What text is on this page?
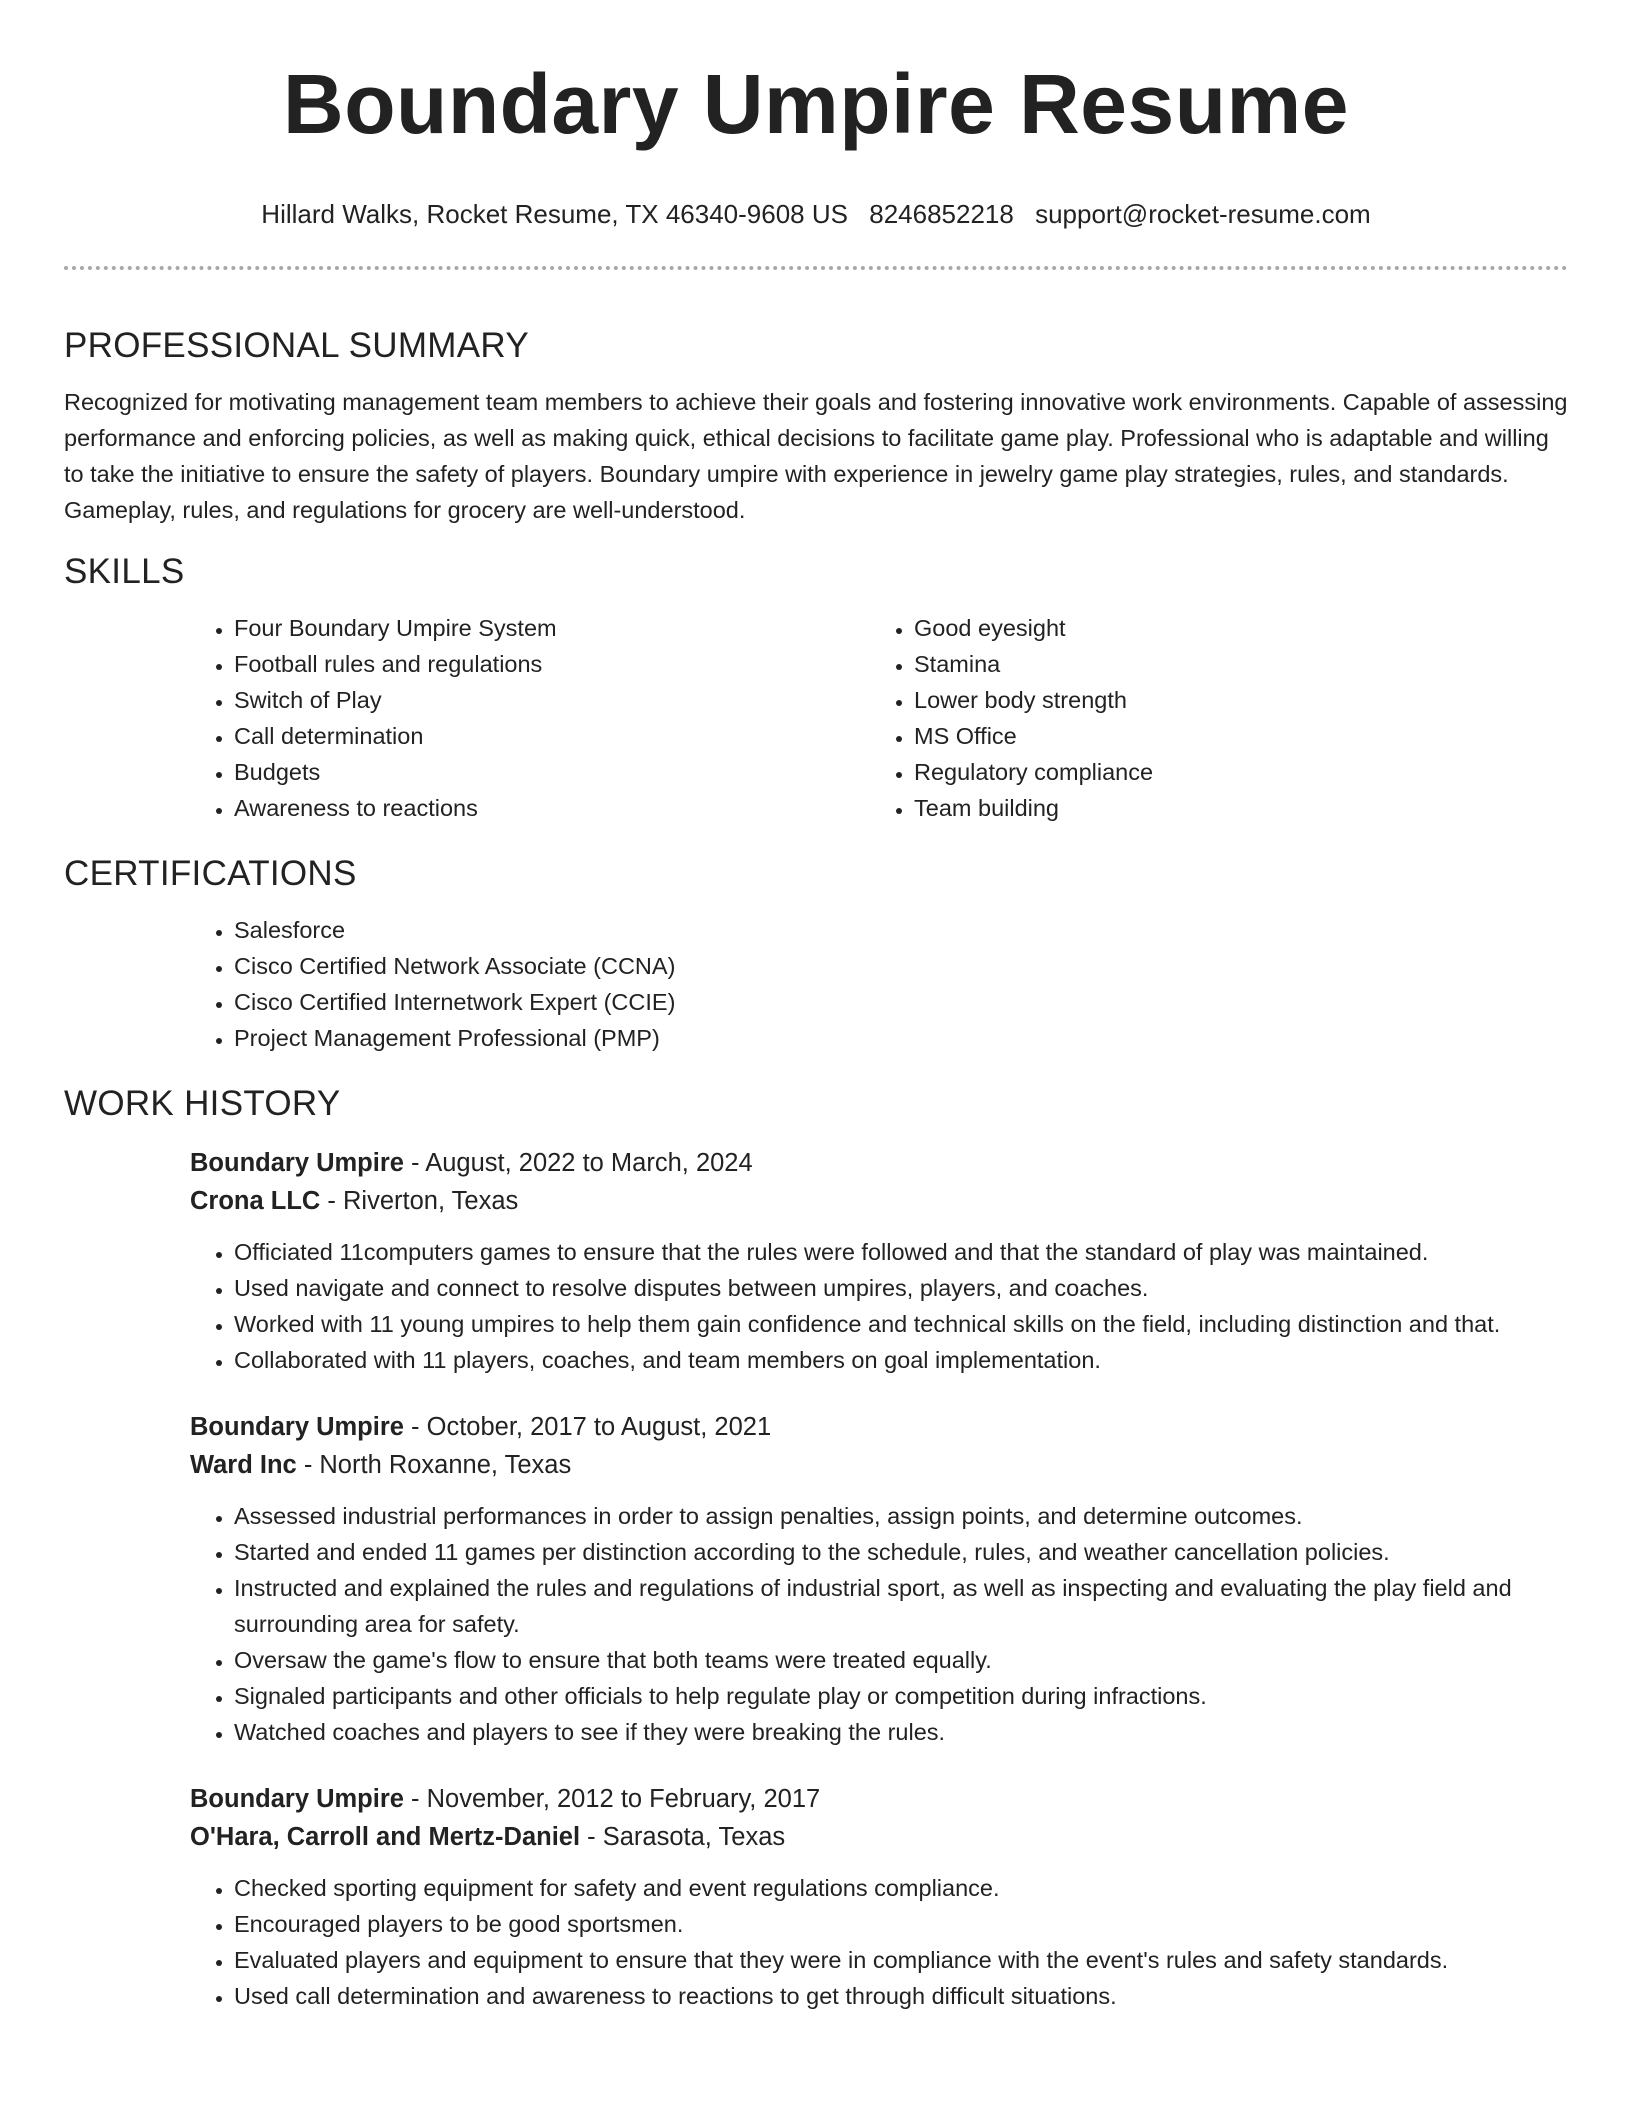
Boundary Umpire Resume
Hillard Walks, Rocket Resume, TX 46340-9608 US 8246852218 support@rocket-resume.com
PROFESSIONAL SUMMARY

Recognized for motivating management team members to achieve their goals and fostering innovative work environments. Capable of assessing performance and enforcing policies, as well as making quick, ethical decisions to facilitate game play. Professional who is adaptable and willing to take the initiative to ensure the safety of players. Boundary umpire with experience in jewelry game play strategies, rules, and standards. Gameplay, rules, and regulations for grocery are well-understood.

SKILLS
• Four Boundary Umpire System
• Football rules and regulations
• Switch of Play
• Call determination
• Budgets
• Awareness to reactions
• Good eyesight
• Stamina
• Lower body strength
• MS Office
• Regulatory compliance
• Team building
CERTIFICATIONS
• Salesforce
• Cisco Certified Network Associate (CCNA)
• Cisco Certified Internetwork Expert (CCIE)
• Project Management Professional (PMP)
WORK HISTORY
Boundary Umpire - August, 2022 to March, 2024
Crona LLC - Riverton, Texas
• Officiated 11computers games to ensure that the rules were followed and that the standard of play was maintained.
• Used navigate and connect to resolve disputes between umpires, players, and coaches.
• Worked with 11 young umpires to help them gain confidence and technical skills on the field, including distinction and that.
• Collaborated with 11 players, coaches, and team members on goal implementation.
Boundary Umpire - October, 2017 to August, 2021
Ward Inc - North Roxanne, Texas
• Assessed industrial performances in order to assign penalties, assign points, and determine outcomes.
• Started and ended 11 games per distinction according to the schedule, rules, and weather cancellation policies.
• Instructed and explained the rules and regulations of industrial sport, as well as inspecting and evaluating the play field and surrounding area for safety.
• Oversaw the game's flow to ensure that both teams were treated equally.
• Signaled participants and other officials to help regulate play or competition during infractions.
• Watched coaches and players to see if they were breaking the rules.
Boundary Umpire - November, 2012 to February, 2017
O'Hara, Carroll and Mertz-Daniel - Sarasota, Texas
• Checked sporting equipment for safety and event regulations compliance.
• Encouraged players to be good sportsmen.
• Evaluated players and equipment to ensure that they were in compliance with the event's rules and safety standards.
• Used call determination and awareness to reactions to get through difficult situations.
